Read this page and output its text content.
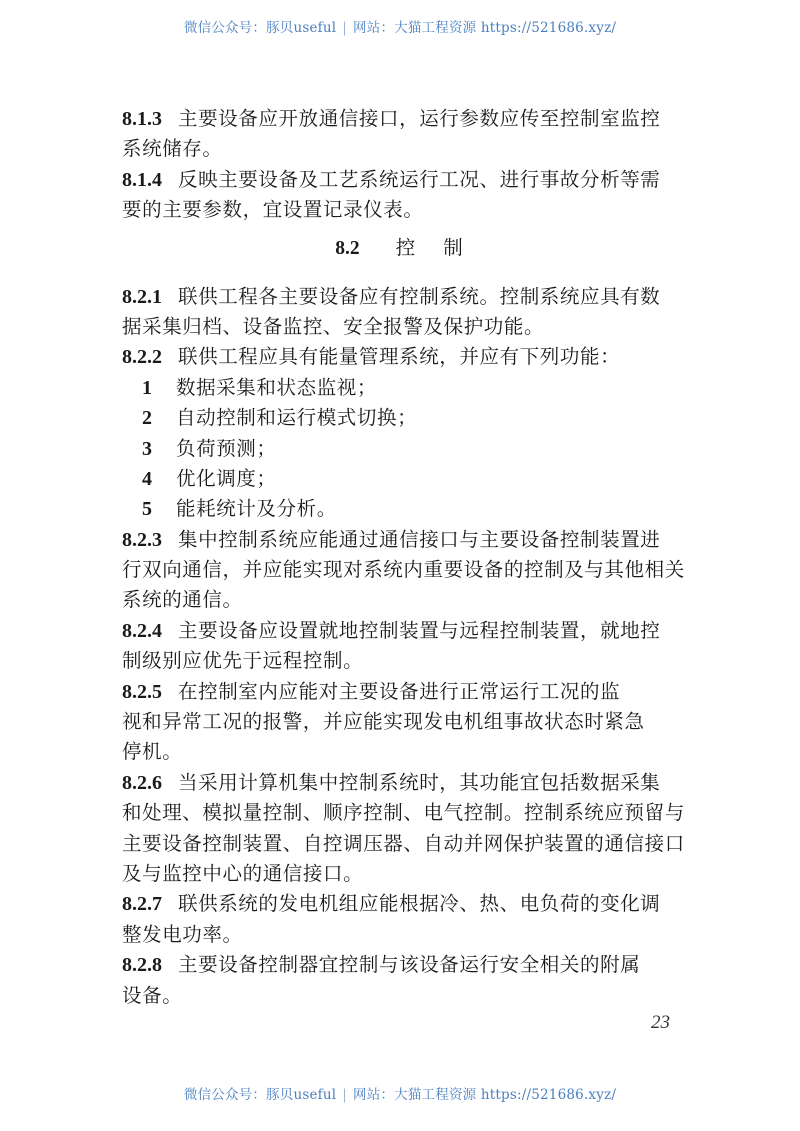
微信公众号：豚贝useful | 网站：大猫工程资源 https://521686.xyz/
8.1.3 主要设备应开放通信接口，运行参数应传至控制室监控
系统储存。
8.1.4 反映主要设备及工艺系统运行工况、进行事故分析等需
要的主要参数，宜设置记录仪表。
8.2 控 制
8.2.1 联供工程各主要设备应有控制系统。控制系统应具有数
据采集归档、设备监控、安全报警及保护功能。
8.2.2 联供工程应具有能量管理系统，并应有下列功能：
1 数据采集和状态监视；
2 自动控制和运行模式切换；
3 负荷预测；
4 优化调度；
5 能耗统计及分析。
8.2.3 集中控制系统应能通过通信接口与主要设备控制装置进
行双向通信，并应能实现对系统内重要设备的控制及与其他相关
系统的通信。
8.2.4 主要设备应设置就地控制装置与远程控制装置，就地控
制级别应优先于远程控制。
8.2.5 在控制室内应能对主要设备进行正常运行工况的监
视和异常工况的报警，并应能实现发电机组事故状态时紧急
停机。
8.2.6 当采用计算机集中控制系统时，其功能宜包括数据采集
和处理、模拟量控制、顺序控制、电气控制。控制系统应预留与
主要设备控制装置、自控调压器、自动并网保护装置的通信接口
及与监控中心的通信接口。
8.2.7 联供系统的发电机组应能根据冷、热、电负荷的变化调
整发电功率。
8.2.8 主要设备控制器宜控制与该设备运行安全相关的附属
设备。
23
微信公众号：豚贝useful | 网站：大猫工程资源 https://521686.xyz/
